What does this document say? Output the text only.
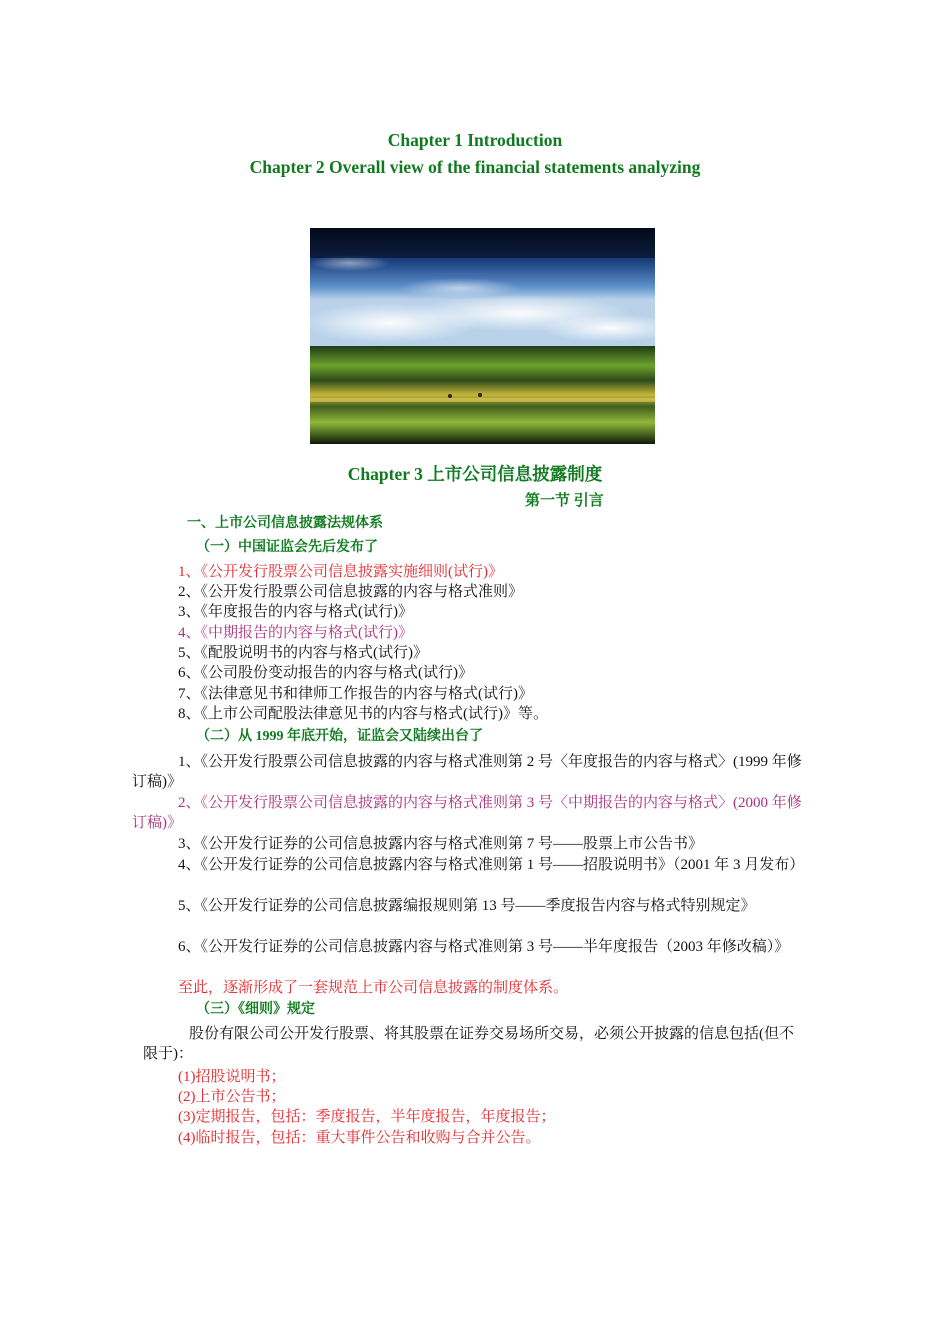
Chapter 1 Introduction
Chapter 2 Overall view of the financial statements analyzing
Chapter 3 上市公司信息披露制度
第一节 引言
一、上市公司信息披露法规体系
（一）中国证监会先后发布了
1、《公开发行股票公司信息披露实施细则(试行)》
2、《公开发行股票公司信息披露的内容与格式准则》
3、《年度报告的内容与格式(试行)》
4、《中期报告的内容与格式(试行)》
5、《配股说明书的内容与格式(试行)》
6、《公司股份变动报告的内容与格式(试行)》
7、《法律意见书和律师工作报告的内容与格式(试行)》
8、《上市公司配股法律意见书的内容与格式(试行)》等。
（二）从 1999 年底开始，证监会又陆续出台了
1、《公开发行股票公司信息披露的内容与格式准则第 2 号〈年度报告的内容与格式〉(1999 年修订稿)》
2、《公开发行股票公司信息披露的内容与格式准则第 3 号〈中期报告的内容与格式〉(2000 年修订稿)》
3、《公开发行证券的公司信息披露内容与格式准则第 7 号——股票上市公告书》
4、《公开发行证券的公司信息披露内容与格式准则第 1 号——招股说明书》（2001 年 3 月发布）
5、《公开发行证券的公司信息披露编报规则第 13 号——季度报告内容与格式特别规定》
6、《公开发行证券的公司信息披露内容与格式准则第 3 号——半年度报告（2003 年修改稿）》
至此，逐渐形成了一套规范上市公司信息披露的制度体系。
（三）《细则》规定
股份有限公司公开发行股票、将其股票在证券交易场所交易，必须公开披露的信息包括(但不限于)：
(1)招股说明书；
(2)上市公告书；
(3)定期报告，包括：季度报告，半年度报告，年度报告；
(4)临时报告，包括：重大事件公告和收购与合并公告。
